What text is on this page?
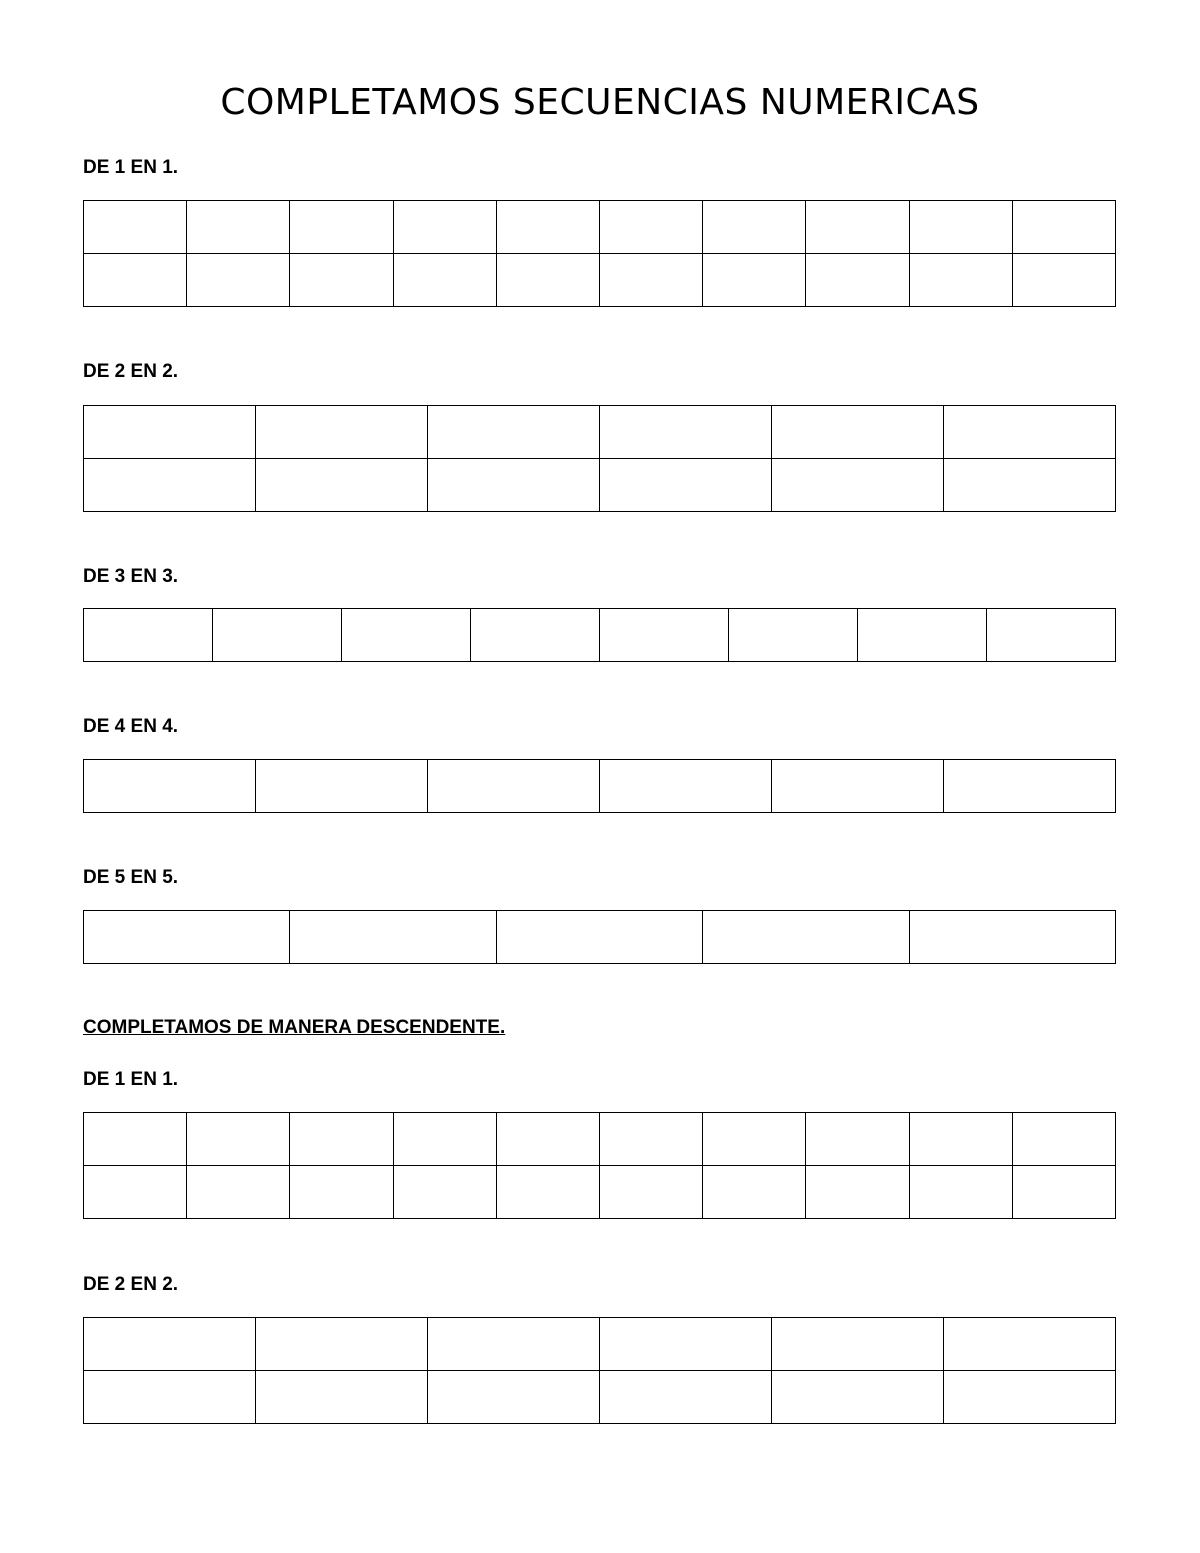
COMPLETAMOS SECUENCIAS NUMERICAS
DE 1 EN 1.

DE 2 EN 2.

DE 3 EN 3.

DE 4 EN 4.

DE 5 EN 5.

COMPLETAMOS DE MANERA DESCENDENTE.
DE 1 EN 1.

DE 2 EN 2.
